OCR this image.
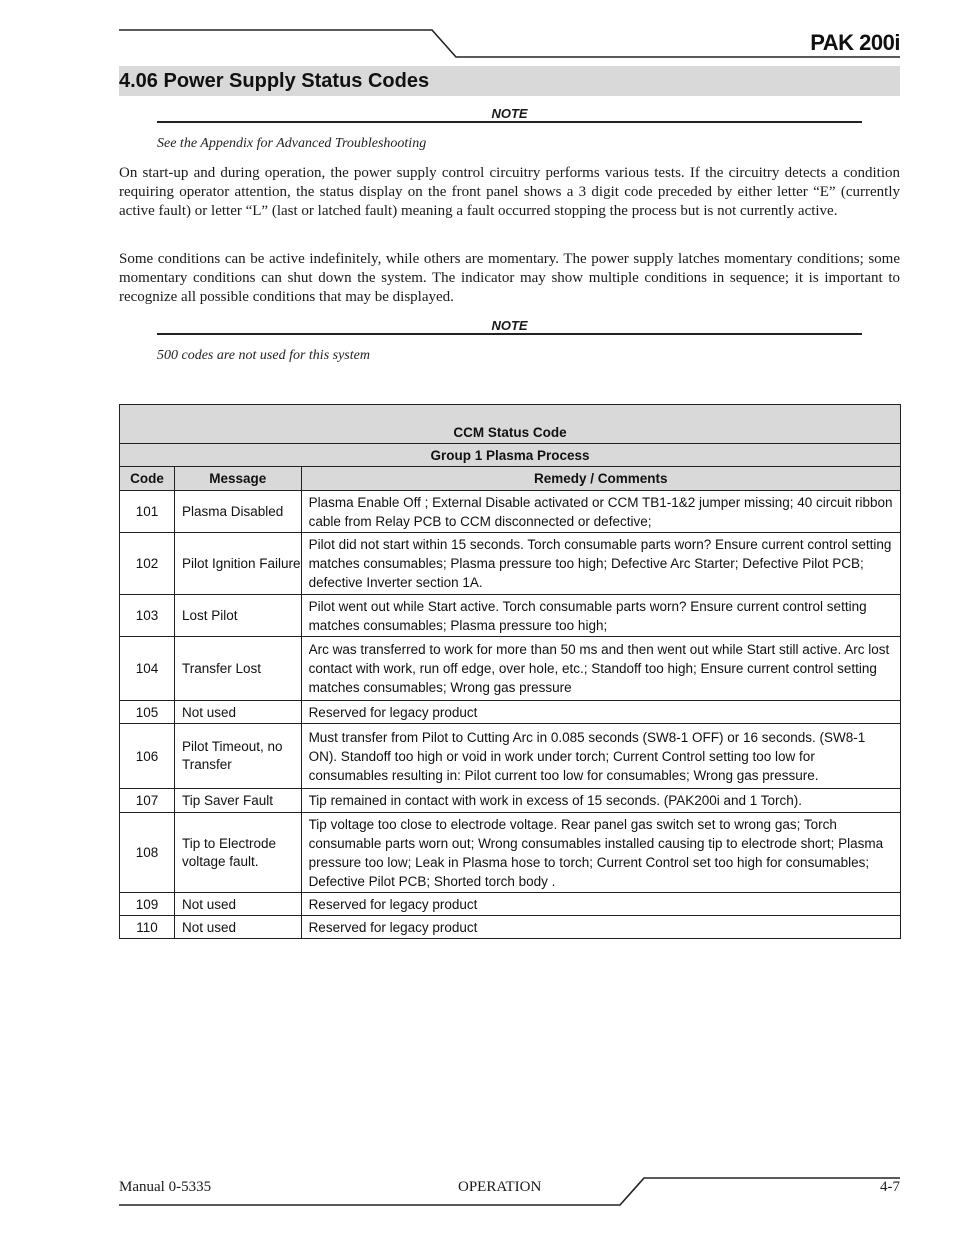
PAK 200i
4.06 Power Supply Status Codes
NOTE
See the Appendix for Advanced Troubleshooting
On start-up and during operation, the power supply control circuitry performs various tests. If the circuitry detects a condition requiring operator attention, the status display on the front panel shows a 3 digit code preceded by either letter “E” (currently active fault) or letter “L” (last or latched fault) meaning a fault occurred stopping the process but is not currently active.
Some conditions can be active indefinitely, while others are momentary. The power supply latches momentary conditions; some momentary conditions can shut down the system. The indicator may show multiple conditions in sequence; it is important to recognize all possible conditions that may be displayed.
NOTE
500 codes are not used for this system
CCM Status Code		
Group 1 Plasma Process		
Code	Message	Remedy / Comments
101	Plasma Disabled	Plasma Enable Off ; External Disable activated or CCM TB1-1&2 jumper missing; 40 circuit ribbon cable from Relay PCB to CCM disconnected or defective;
102	Pilot Ignition Failure	Pilot did not start within 15 seconds. Torch consumable parts worn? Ensure current control setting matches consumables; Plasma pressure too high; Defective Arc Starter; Defective Pilot PCB; defective Inverter section 1A.
103	Lost Pilot	Pilot went out while Start active. Torch consumable parts worn? Ensure current control setting matches consumables; Plasma pressure too high;
104	Transfer Lost	Arc was transferred to work for more than 50 ms and then went out while Start still active. Arc lost contact with work, run off edge, over hole, etc.; Standoff too high; Ensure current control setting matches consumables; Wrong gas pressure
105	Not used	Reserved for legacy product
106	Pilot Timeout, no Transfer	Must transfer from Pilot to Cutting Arc in 0.085 seconds (SW8-1 OFF) or 16 seconds. (SW8-1 ON). Standoff too high or void in work under torch; Current Control setting too low for consumables resulting in: Pilot current too low for consumables; Wrong gas pressure.
107	Tip Saver Fault	Tip remained in contact with work in excess of 15 seconds. (PAK200i and 1 Torch).
108	Tip to Electrode voltage fault.	Tip voltage too close to electrode voltage. Rear panel gas switch set to wrong gas; Torch consumable parts worn out; Wrong consumables installed causing tip to electrode short; Plasma pressure too low; Leak in Plasma hose to torch; Current Control set too high for consumables; Defective Pilot PCB; Shorted torch body .
109	Not used	Reserved for legacy product
110	Not used	Reserved for legacy product
Manual 0-5335	OPERATION	4-7
